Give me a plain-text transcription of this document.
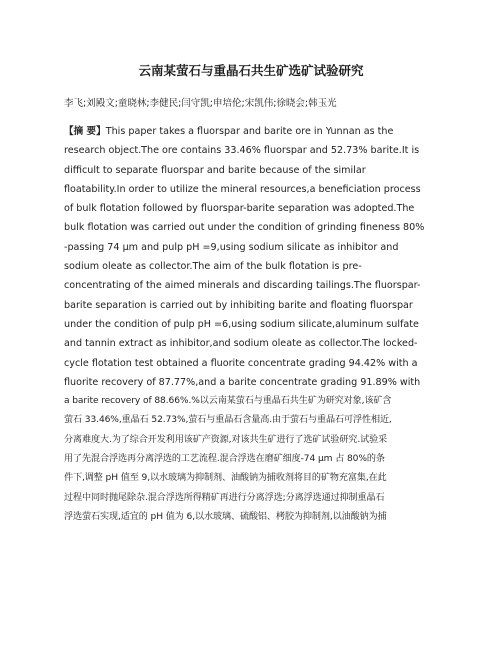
云南某萤石与重晶石共生矿选矿试验研究
李飞;刘殿文;童晓林;李健民;闫守凯;申培伦;宋凯伟;徐晓会;韩玉光
【摘 要】This paper takes a fluorspar and barite ore in Yunnan as the
research object.The ore contains 33.46% fluorspar and 52.73% barite.It is
difficult to separate fluorspar and barite because of the similar
floatability.In order to utilize the mineral resources,a beneficiation process
of bulk flotation followed by fluorspar-barite separation was adopted.The
bulk flotation was carried out under the condition of grinding fineness 80%
-passing 74 μm and pulp pH =9,using sodium silicate as inhibitor and
sodium oleate as collector.The aim of the bulk flotation is pre-
concentrating of the aimed minerals and discarding tailings.The fluorspar-
barite separation is carried out by inhibiting barite and floating fluorspar
under the condition of pulp pH =6,using sodium silicate,aluminum sulfate
and tannin extract as inhibitor,and sodium oleate as collector.The locked-
cycle flotation test obtained a fluorite concentrate grading 94.42% with a
fluorite recovery of 87.77%,and a barite concentrate grading 91.89% with
a barite recovery of 88.66%.%以云南某萤石与重晶石共生矿为研究对象,该矿含
萤石 33.46%,重晶石 52.73%,萤石与重晶石含量高.由于萤石与重晶石可浮性相近,
分离难度大.为了综合开发利用该矿产资源,对该共生矿进行了选矿试验研究.试验采
用了先混合浮选再分离浮选的工艺流程.混合浮选在磨矿细度-74 μm 占 80%的条
件下,调整 pH 值至 9,以水玻璃为抑制剂、油酸钠为捕收剂将目的矿物充富集,在此
过程中同时抛尾除杂.混合浮选所得精矿再进行分离浮选;分离浮选通过抑制重晶石
浮选萤石实现,适宜的 pH 值为 6,以水玻璃、硫酸铝、栲胶为抑制剂,以油酸钠为捕
